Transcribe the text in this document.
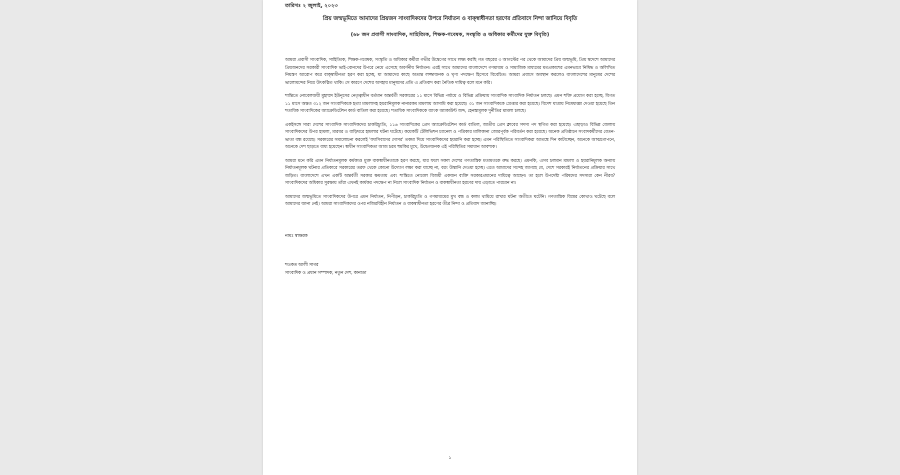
তারিখঃ ২ জুলাই, ২০২৩
প্রিয় জন্মভূমিতে আমাদের প্রিয়জন সাংবাদিকদের উপরে নির্যাতন ও বাক্‌স্বাধীনতা হরণের প্রতিবাদে নিন্দা জানিয়ে বিবৃতি
(৬৮ জন প্রবাসী সাংবাদিক, সাহিত্যিক, শিক্ষক-গবেষক, সংস্কৃতি ও অধিকার কর্মীদের যুক্ত বিবৃতি)

আমরা প্রবাসী সাংবাদিক, সাহিত্যিক, শিক্ষক-গবেষক, সংস্কৃতি ও অধিকার কর্মীরা গভীর উদ্বেগের সাথে লক্ষ্য করছি গত বছরের ৩ আগস্টের পর থেকে আমাদের প্রিয় জন্মভূমি, প্রিয় স্বদেশে আমাদের প্রিয়জনদের সরকারী সাংবাদিক ভাই-বোনদের উপরে নেমে এসেছে অবর্ণনীয় নির্যাতন। এরই সাথে আমাদের বাংলাদেশে গণমাধ্যম ও সামাজিক মাধ্যমের মতপ্রকাশের এমনভাবে নিষিদ্ধ ও অলিখিত নিয়ন্ত্রণ আরোপ করে বাক্‌স্বাধীনতা হরণ করা হচ্ছে, যা আমাদের কাছে অত্যন্ত লজ্জাজনক ও ঘৃণ্য পদক্ষেপ হিসেবে বিবেচিত। আমরা প্রবাসে অবস্থান করলেও বাংলাদেশের মানুষের দেশের ভালোমন্দের নিয়ে উৎকণ্ঠিত থাকি। সে কারণে দেশের অসহায় মানুষদের প্রতি এ প্রতিবাদ করা নৈতিক দায়িত্ব বলে মনে করি।

শান্তিতে নোবেলজয়ী মুহাম্মদ ইউনূসের নেতৃত্বাধীন বর্তমান অন্তর্বর্তী সরকারের ১১ মাসে বিভিন্ন পর্যায়ে ও বিভিন্ন প্রক্রিয়ায় সাংবাদিক সাংবাদিক নির্যাতন চলছে। এমন শক্তি প্রয়োগ করা হচ্ছে, বিগত ১১ মাসে অন্তত ৩১২ জন সাংবাদিককে হত্যা মামলাসহ হয়রানিমূলক নানারকম মামলায় আসামি করা হয়েছে। ৩১ জন সাংবাদিককে গ্রেপ্তার করা হয়েছে। বিদেশ যাত্রায় নিষেধাজ্ঞা দেওয়া হয়েছে তিন শতাধিক সাংবাদিকের অ্যাক্রেডিটেশন কার্ড বাতিল করা হয়েছে। শতাধিক সাংবাদিককে ব্যাংক অ্যাকাউন্ট জব্দ, হেনস্তামূলক দুর্নীতির মামলা চলছে।

একইসঙ্গে সারা দেশের সাংবাদিক সাংবাদিকদের চাকরিচ্যুতি, ১১৬ সাংবাদিকের প্রেস অ্যাক্রেডিটেশন কার্ড বাতিল, জাতীয় প্রেস ক্লাবের সদস্য পদ স্থগিত করা হয়েছে। এছাড়াও বিভিন্ন জেলায় সাংবাদিকদের উপর হামলা, মারধর ও বাড়িঘরে হামলার ঘটনা ঘটেছে। কয়েকটি টেলিভিশন চ্যানেল ও পত্রিকার মালিকানা জোরপূর্বক পরিবর্তন করা হয়েছে। অনেক প্রতিষ্ঠানে সংবাদকর্মীদের বেতন-ভাতা বন্ধ রয়েছে। সরকারের সমালোচনা করলেই 'ফ্যাসিবাদের দোসর' তকমা দিয়ে সাংবাদিকদের হয়রানি করা হচ্ছে। এমন পরিস্থিতিতে সাংবাদিকরা আতঙ্কে দিন কাটাচ্ছেন, অনেকে আত্মগোপনে, অনেকে দেশ ছাড়তে বাধ্য হয়েছেন। স্বাধীন সাংবাদিকতা আজ চরম হুমকির মুখে, উদ্বেগজনক এই পরিস্থিতির সমাধান আবশ্যক।

আমরা মনে করি এমন নির্যাতনমূলক কর্মকাণ্ড মুক্ত বাকস্বাধীনতাকে হরণ করছে, যার ফলে সকল দেশের গণতান্ত্রিক মতামতকে রুদ্ধ করছে। এমনকি, এসব চলমান মামলা ও হয়রানিমূলক অন্যায় নির্যাতনমূলক ঘটনার প্রতিকারে সরকারের তরফ থেকে কোনো উদ্যোগ লক্ষ্য করা যাচ্ছে না, বরং উস্কানি দেওয়া হচ্ছে। এতে আমাদের সন্দেহ জাগছে যে, দেশে সরকারই নির্যাতনের প্রক্রিয়ার সাথে জড়িত। বাংলাদেশে এখন একটি অন্তর্বর্তী সরকার ক্ষমতায় এবং শান্তিতে নোবেল বিজয়ী একজন ব্যক্তি সরকারপ্রধানের দায়িত্বে আছেন। তা হলে উপদেষ্টা পরিষদের সদস্যরা কেন নীরব? সাংবাদিকদের অধিকার সুরক্ষায় তাঁরা এখনই কার্যকর পদক্ষেপ না নিলে সাংবাদিক নির্যাতন ও বাকস্বাধীনতা হরণের দায় এড়াতে পারবেন না।

আমাদের জন্মভূমিতে সাংবাদিকদের উপরে এমন নির্যাতন, নিপীড়ন, চাকরিচ্যুতি ও গণমাধ্যমের মুখ বন্ধ ও কলম থামিয়ে রাখার ঘটনা অতীতে ঘটেনি। গণতান্ত্রিক বিশ্বের কোথাও ঘটেছে বলে আমাদের জানা নেই। আমরা সাংবাদিকদের ওপর নজিরবিহীন নির্যাতন ও বাকস্বাধীনতা হরণের তীব্র নিন্দা ও প্রতিবাদ জানাচ্ছি।

নামঃ স্বাক্ষরক
শওকত আলী সাগর
সাংবাদিক ও প্রধান সম্পাদক, নতুন দেশ, কানাডা
১
